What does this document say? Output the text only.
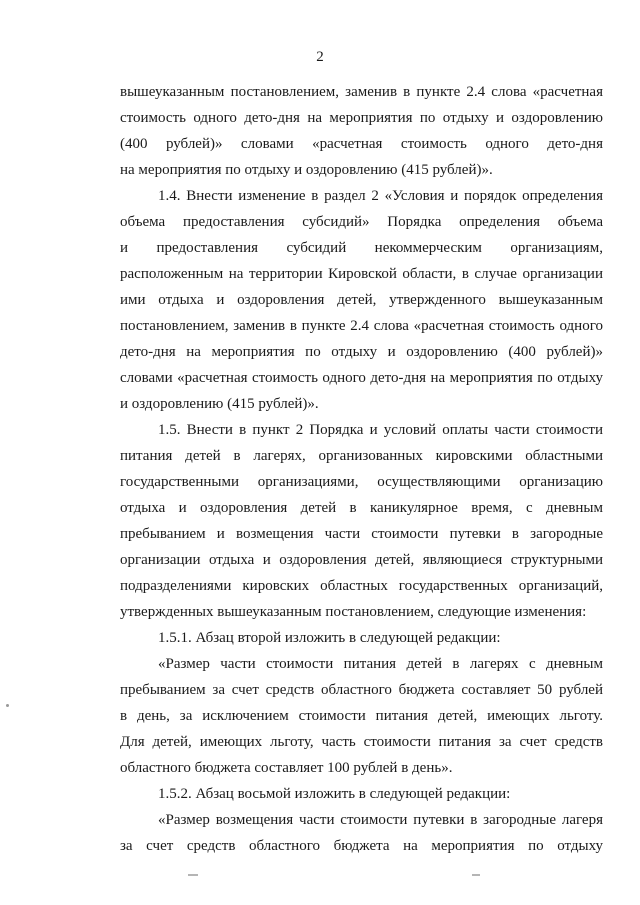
2
вышеуказанным постановлением, заменив в пункте 2.4 слова «расчетная
стоимость одного дето-дня на мероприятия по отдыху и оздоровлению
(400 рублей)» словами «расчетная стоимость одного дето-дня
на мероприятия по отдыху и оздоровлению (415 рублей)».
1.4. Внести изменение в раздел 2 «Условия и порядок определения
объема предоставления субсидий» Порядка определения объема
и предоставления субсидий некоммерческим организациям,
расположенным на территории Кировской области, в случае организации
ими отдыха и оздоровления детей, утвержденного вышеуказанным
постановлением, заменив в пункте 2.4 слова «расчетная стоимость одного
дето-дня на мероприятия по отдыху и оздоровлению (400 рублей)»
словами «расчетная стоимость одного дето-дня на мероприятия по отдыху
и оздоровлению (415 рублей)».
1.5. Внести в пункт 2 Порядка и условий оплаты части стоимости
питания детей в лагерях, организованных кировскими областными
государственными организациями, осуществляющими организацию
отдыха и оздоровления детей в каникулярное время, с дневным
пребыванием и возмещения части стоимости путевки в загородные
организации отдыха и оздоровления детей, являющиеся структурными
подразделениями кировских областных государственных организаций,
утвержденных вышеуказанным постановлением, следующие изменения:
1.5.1. Абзац второй изложить в следующей редакции:
«Размер части стоимости питания детей в лагерях с дневным
пребыванием за счет средств областного бюджета составляет 50 рублей
в день, за исключением стоимости питания детей, имеющих льготу.
Для детей, имеющих льготу, часть стоимости питания за счет средств
областного бюджета составляет 100 рублей в день».
1.5.2. Абзац восьмой изложить в следующей редакции:
«Размер возмещения части стоимости путевки в загородные лагеря
за счет средств областного бюджета на мероприятия по отдыху
